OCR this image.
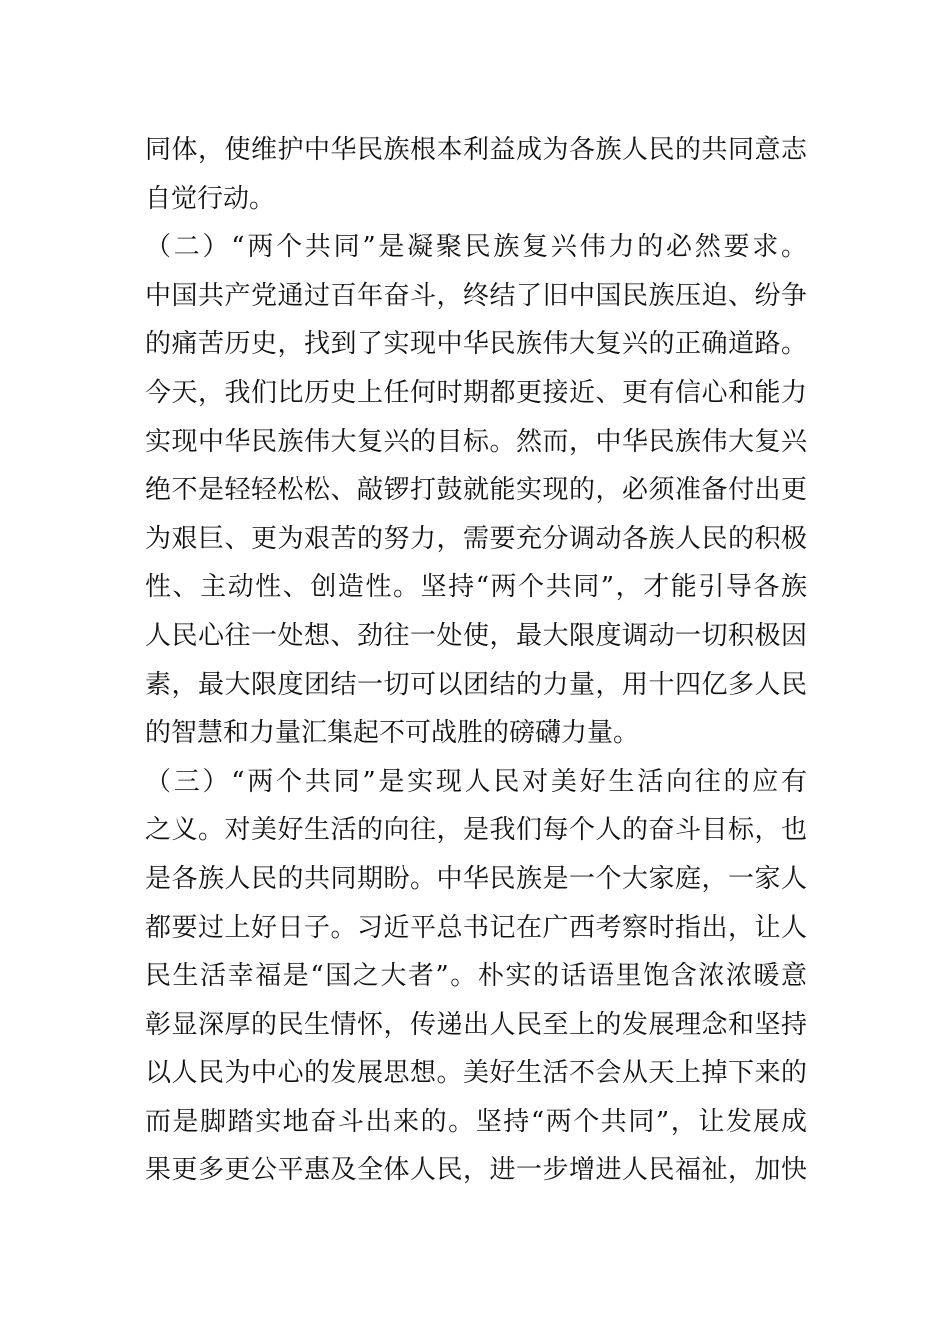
同体，使维护中华民族根本利益成为各族人民的共同意志
自觉行动。
（二）“两个共同”是凝聚民族复兴伟力的必然要求。
中国共产党通过百年奋斗，终结了旧中国民族压迫、纷争
的痛苦历史，找到了实现中华民族伟大复兴的正确道路。
今天，我们比历史上任何时期都更接近、更有信心和能力
实现中华民族伟大复兴的目标。然而，中华民族伟大复兴
绝不是轻轻松松、敲锣打鼓就能实现的，必须准备付出更
为艰巨、更为艰苦的努力，需要充分调动各族人民的积极
性、主动性、创造性。坚持“两个共同”，才能引导各族
人民心往一处想、劲往一处使，最大限度调动一切积极因
素，最大限度团结一切可以团结的力量，用十四亿多人民
的智慧和力量汇集起不可战胜的磅礴力量。
（三）“两个共同”是实现人民对美好生活向往的应有
之义。对美好生活的向往，是我们每个人的奋斗目标，也
是各族人民的共同期盼。中华民族是一个大家庭，一家人
都要过上好日子。习近平总书记在广西考察时指出，让人
民生活幸福是“国之大者”。朴实的话语里饱含浓浓暖意
彰显深厚的民生情怀，传递出人民至上的发展理念和坚持
以人民为中心的发展思想。美好生活不会从天上掉下来的
而是脚踏实地奋斗出来的。坚持“两个共同”，让发展成
果更多更公平惠及全体人民，进一步增进人民福祉，加快
